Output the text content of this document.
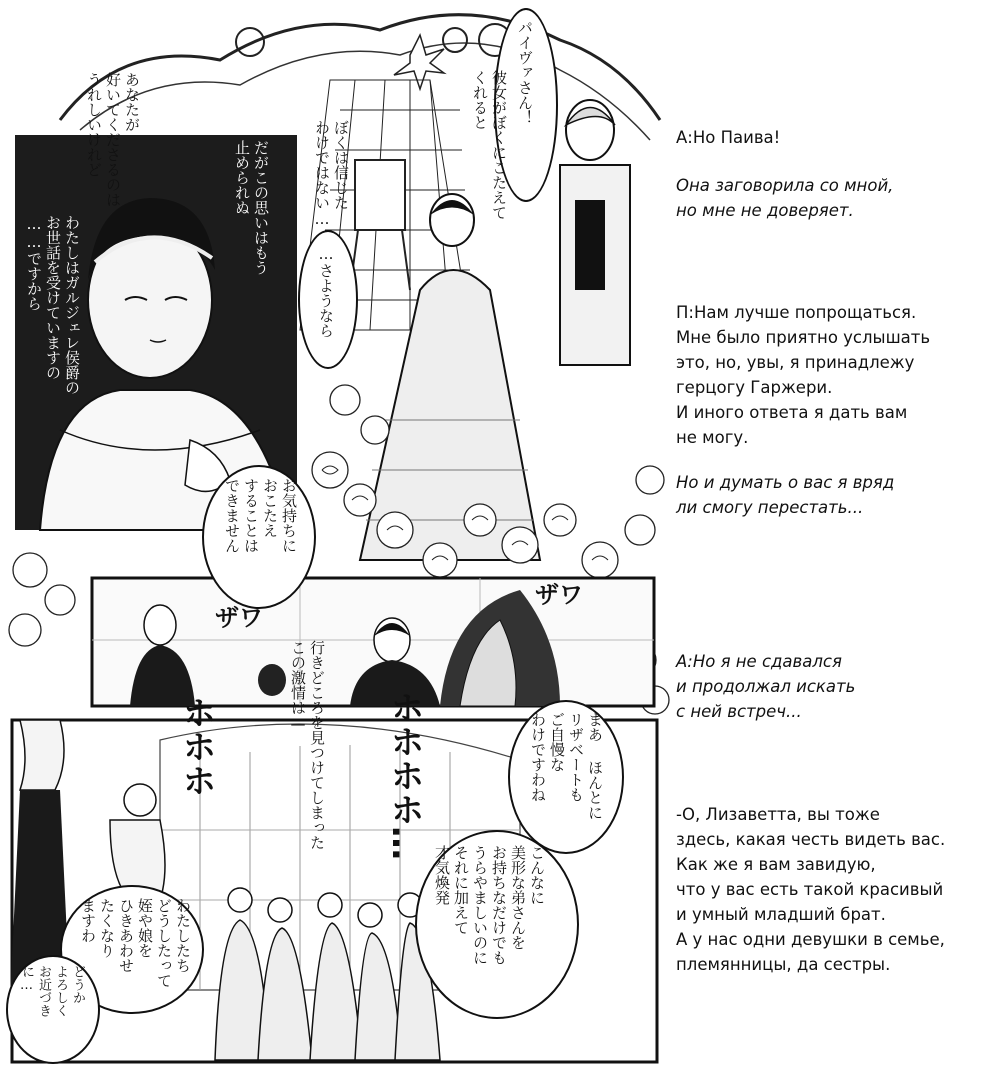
パイヴァさん！
彼女がぼくにこたえて
くれると
ぼくは信じた
わけではない…
だがこの思いはもう
止められぬ
あなたが
好いてくださるのは
うれしいけれど
わたしはガルジェレ侯爵の
お世話を受けていますの
……ですから	…さようなら
お気持ちに
おこたえ
することは
できません
行きどころを見つけてしまった
この激情は—	まあ ほんとに
リザベートも
ご自慢な
わけですわね
こんなに
美形な弟さんを
お持ちなだけでも
うらやましいのに
それに加えて
才気煥発
わたしたち
どうしたって
姪や娘を
ひきあわせ
たくなり
ますわ
どうか
よろしく
お近づき
に…
ザワ
ザワ
ホホホ	ホホホホ…
А:Но Паива!
Она заговорила со мной,
но мне не доверяет.
П:Нам лучше попрощаться.
Мне было приятно услышать
это, но, увы, я принадлежу
герцогу Гаржери.
И иного ответа я дать вам
не могу.
Но и думать о вас я вряд
ли смогу перестать...
А:Но я не сдавался
и продолжал искать
с ней встреч...
-О, Лизаветта, вы тоже
здесь, какая честь видеть вас.
Как же я вам завидую,
что у вас есть такой красивый
и умный младший брат.
А у нас одни девушки в семье,
племянницы, да сестры.
